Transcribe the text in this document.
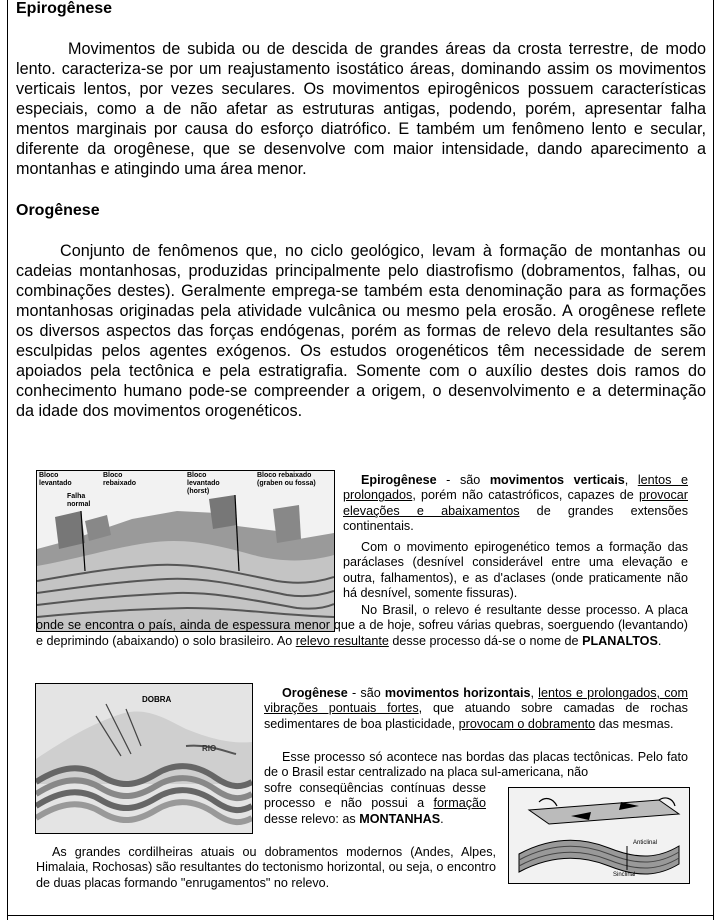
Epirogênese
Movimentos de subida ou de descida de grandes áreas da crosta terrestre, de modo lento. caracteriza-se por um reajustamento isostático áreas, dominando assim os movimentos verticais lentos, por vezes seculares. Os movimentos epirogênicos possuem características especiais, como a de não afetar as estruturas antigas, podendo, porém, apresentar falha mentos marginais por causa do esforço diatrófico. E também um fenômeno lento e secular, diferente da orogênese, que se desenvolve com maior intensidade, dando aparecimento a montanhas e atingindo uma área menor.
Orogênese
Conjunto de fenômenos que, no ciclo geológico, levam à formação de montanhas ou cadeias montanhosas, produzidas principalmente pelo diastrofismo (dobramentos, falhas, ou combinações destes). Geralmente emprega-se também esta denominação para as formações montanhosas originadas pela atividade vulcânica ou mesmo pela erosão. A orogênese reflete os diversos aspectos das forças endógenas, porém as formas de relevo dela resultantes são esculpidas pelos agentes exógenos. Os estudos orogenéticos têm necessidade de serem apoiados pela tectônica e pela estratigrafia. Somente com o auxílio destes dois ramos do conhecimento humano pode-se compreender a origem, o desenvolvimento e a determinação da idade dos movimentos orogenéticos.
Bloco levantado
Falha normal
Bloco rebaixado
Bloco levantado (horst)
Bloco rebaixado (graben ou fossa)	Epirogênese - são movimentos verticais, lentos e prolongados, porém não catastróficos, capazes de provocar elevações e abaixamentos de grandes extensões continentais.
Com o movimento epirogenético temos a formação das paráclases (desnível considerável entre uma elevação e outra, falhamentos), e as d'aclases (onde praticamente não há desnível, somente fissuras).
No Brasil, o relevo é resultante desse processo. A placa onde se encontra o país, ainda de espessura menor que a de hoje, sofreu várias quebras, soerguendo (levantando) e deprimindo (abaixando) o solo brasileiro. Ao relevo resultante desse processo dá-se o nome de PLANALTOS.
DOBRA
RIO
Anticlinal
Sinclinal
Orogênese - são movimentos horizontais, lentos e prolongados, com vibrações pontuais fortes, que atuando sobre camadas de rochas sedimentares de boa plasticidade, provocam o dobramento das mesmas.
Esse processo só acontece nas bordas das placas tectônicas. Pelo fato de o Brasil estar centralizado na placa sul-americana, não
sofre conseqüências contínuas desse processo e não possui a formação desse relevo: as MONTANHAS.
As grandes cordilheiras atuais ou dobramentos modernos (Andes, Alpes, Himalaia, Rochosas) são resultantes do tectonismo horizontal, ou seja, o encontro de duas placas formando "enrugamentos" no relevo.
